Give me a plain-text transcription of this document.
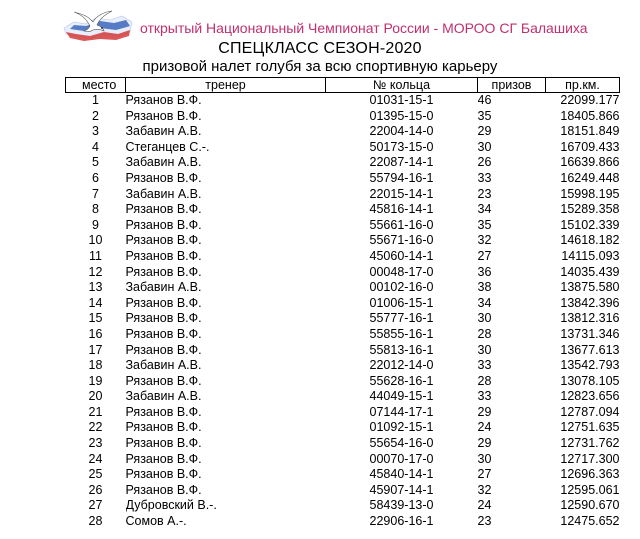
открытый Национальный Чемпионат России - МОРОО СГ Балашиха
СПЕЦКЛАСС СЕЗОН-2020
призовой налет голубя за всю спортивную карьеру
место	тренер	№ кольца	призов	пр.км.
1	Рязанов В.Ф.	01031-15-1	46	22099.177
2	Рязанов В.Ф.	01395-15-0	35	18405.866
3	Забавин А.В.	22004-14-0	29	18151.849
4	Стеганцев С.-.	50173-15-0	30	16709.433
5	Забавин А.В.	22087-14-1	26	16639.866
6	Рязанов В.Ф.	55794-16-1	33	16249.448
7	Забавин А.В.	22015-14-1	23	15998.195
8	Рязанов В.Ф.	45816-14-1	34	15289.358
9	Рязанов В.Ф.	55661-16-0	35	15102.339
10	Рязанов В.Ф.	55671-16-0	32	14618.182
11	Рязанов В.Ф.	45060-14-1	27	14115.093
12	Рязанов В.Ф.	00048-17-0	36	14035.439
13	Забавин А.В.	00102-16-0	38	13875.580
14	Рязанов В.Ф.	01006-15-1	34	13842.396
15	Рязанов В.Ф.	55777-16-1	30	13812.316
16	Рязанов В.Ф.	55855-16-1	28	13731.346
17	Рязанов В.Ф.	55813-16-1	30	13677.613
18	Забавин А.В.	22012-14-0	33	13542.793
19	Рязанов В.Ф.	55628-16-1	28	13078.105
20	Забавин А.В.	44049-15-1	33	12823.656
21	Рязанов В.Ф.	07144-17-1	29	12787.094
22	Рязанов В.Ф.	01092-15-1	24	12751.635
23	Рязанов В.Ф.	55654-16-0	29	12731.762
24	Рязанов В.Ф.	00070-17-0	30	12717.300
25	Рязанов В.Ф.	45840-14-1	27	12696.363
26	Рязанов В.Ф.	45907-14-1	32	12595.061
27	Дубровский В.-.	58439-13-0	24	12590.670
28	Сомов А.-.	22906-16-1	23	12475.652
